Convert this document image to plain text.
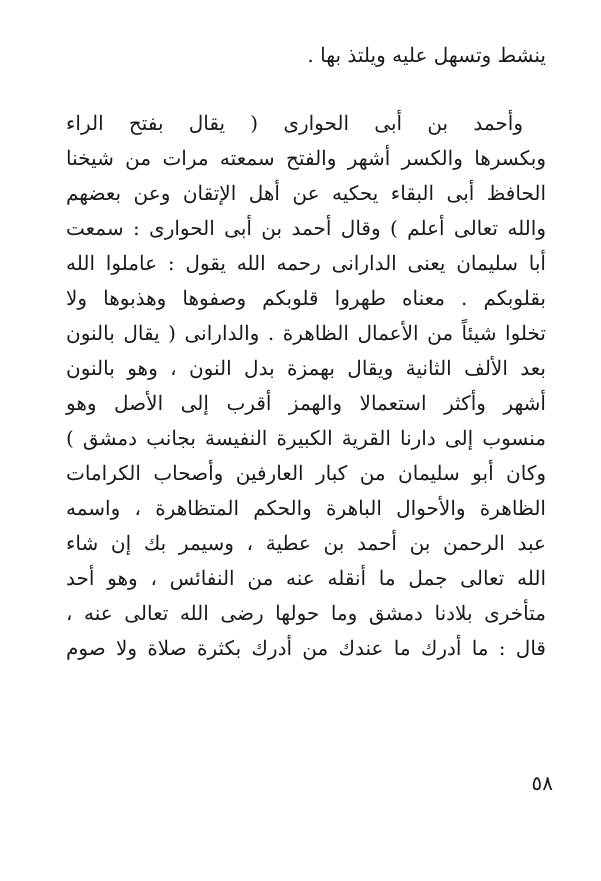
ينشط وتسهل عليه ويلتذ بها .
وأحمد بن أبى الحوارى ( يقال بفتح الراء
وبكسرها والكسر أشهر والفتح سمعته مرات من شيخنا
الحافظ أبى البقاء يحكيه عن أهل الإتقان وعن بعضهم
والله تعالى أعلم ) وقال أحمد بن أبى الحوارى : سمعت
أبا سليمان يعنى الدارانى رحمه الله يقول : عاملوا الله
بقلوبكم . معناه طهروا قلوبكم وصفوها وهذبوها ولا
تخلوا شيئاً من الأعمال الظاهرة . والدارانى ( يقال بالنون
بعد الألف الثانية ويقال بهمزة بدل النون ، وهو بالنون
أشهر وأكثر استعمالا والهمز أقرب إلى الأصل وهو
منسوب إلى دارنا القرية الكبيرة النفيسة بجانب دمشق )
وكان أبو سليمان من كبار العارفين وأصحاب الكرامات
الظاهرة والأحوال الباهرة والحكم المتظاهرة ، واسمه
عبد الرحمن بن أحمد بن عطية ، وسيمر بك إن شاء
الله تعالى جمل ما أنقله عنه من النفائس ، وهو أحد
متأخرى بلادنا دمشق وما حولها رضى الله تعالى عنه ،
قال : ما أدرك ما عندك من أدرك بكثرة صلاة ولا صوم
٥٨
